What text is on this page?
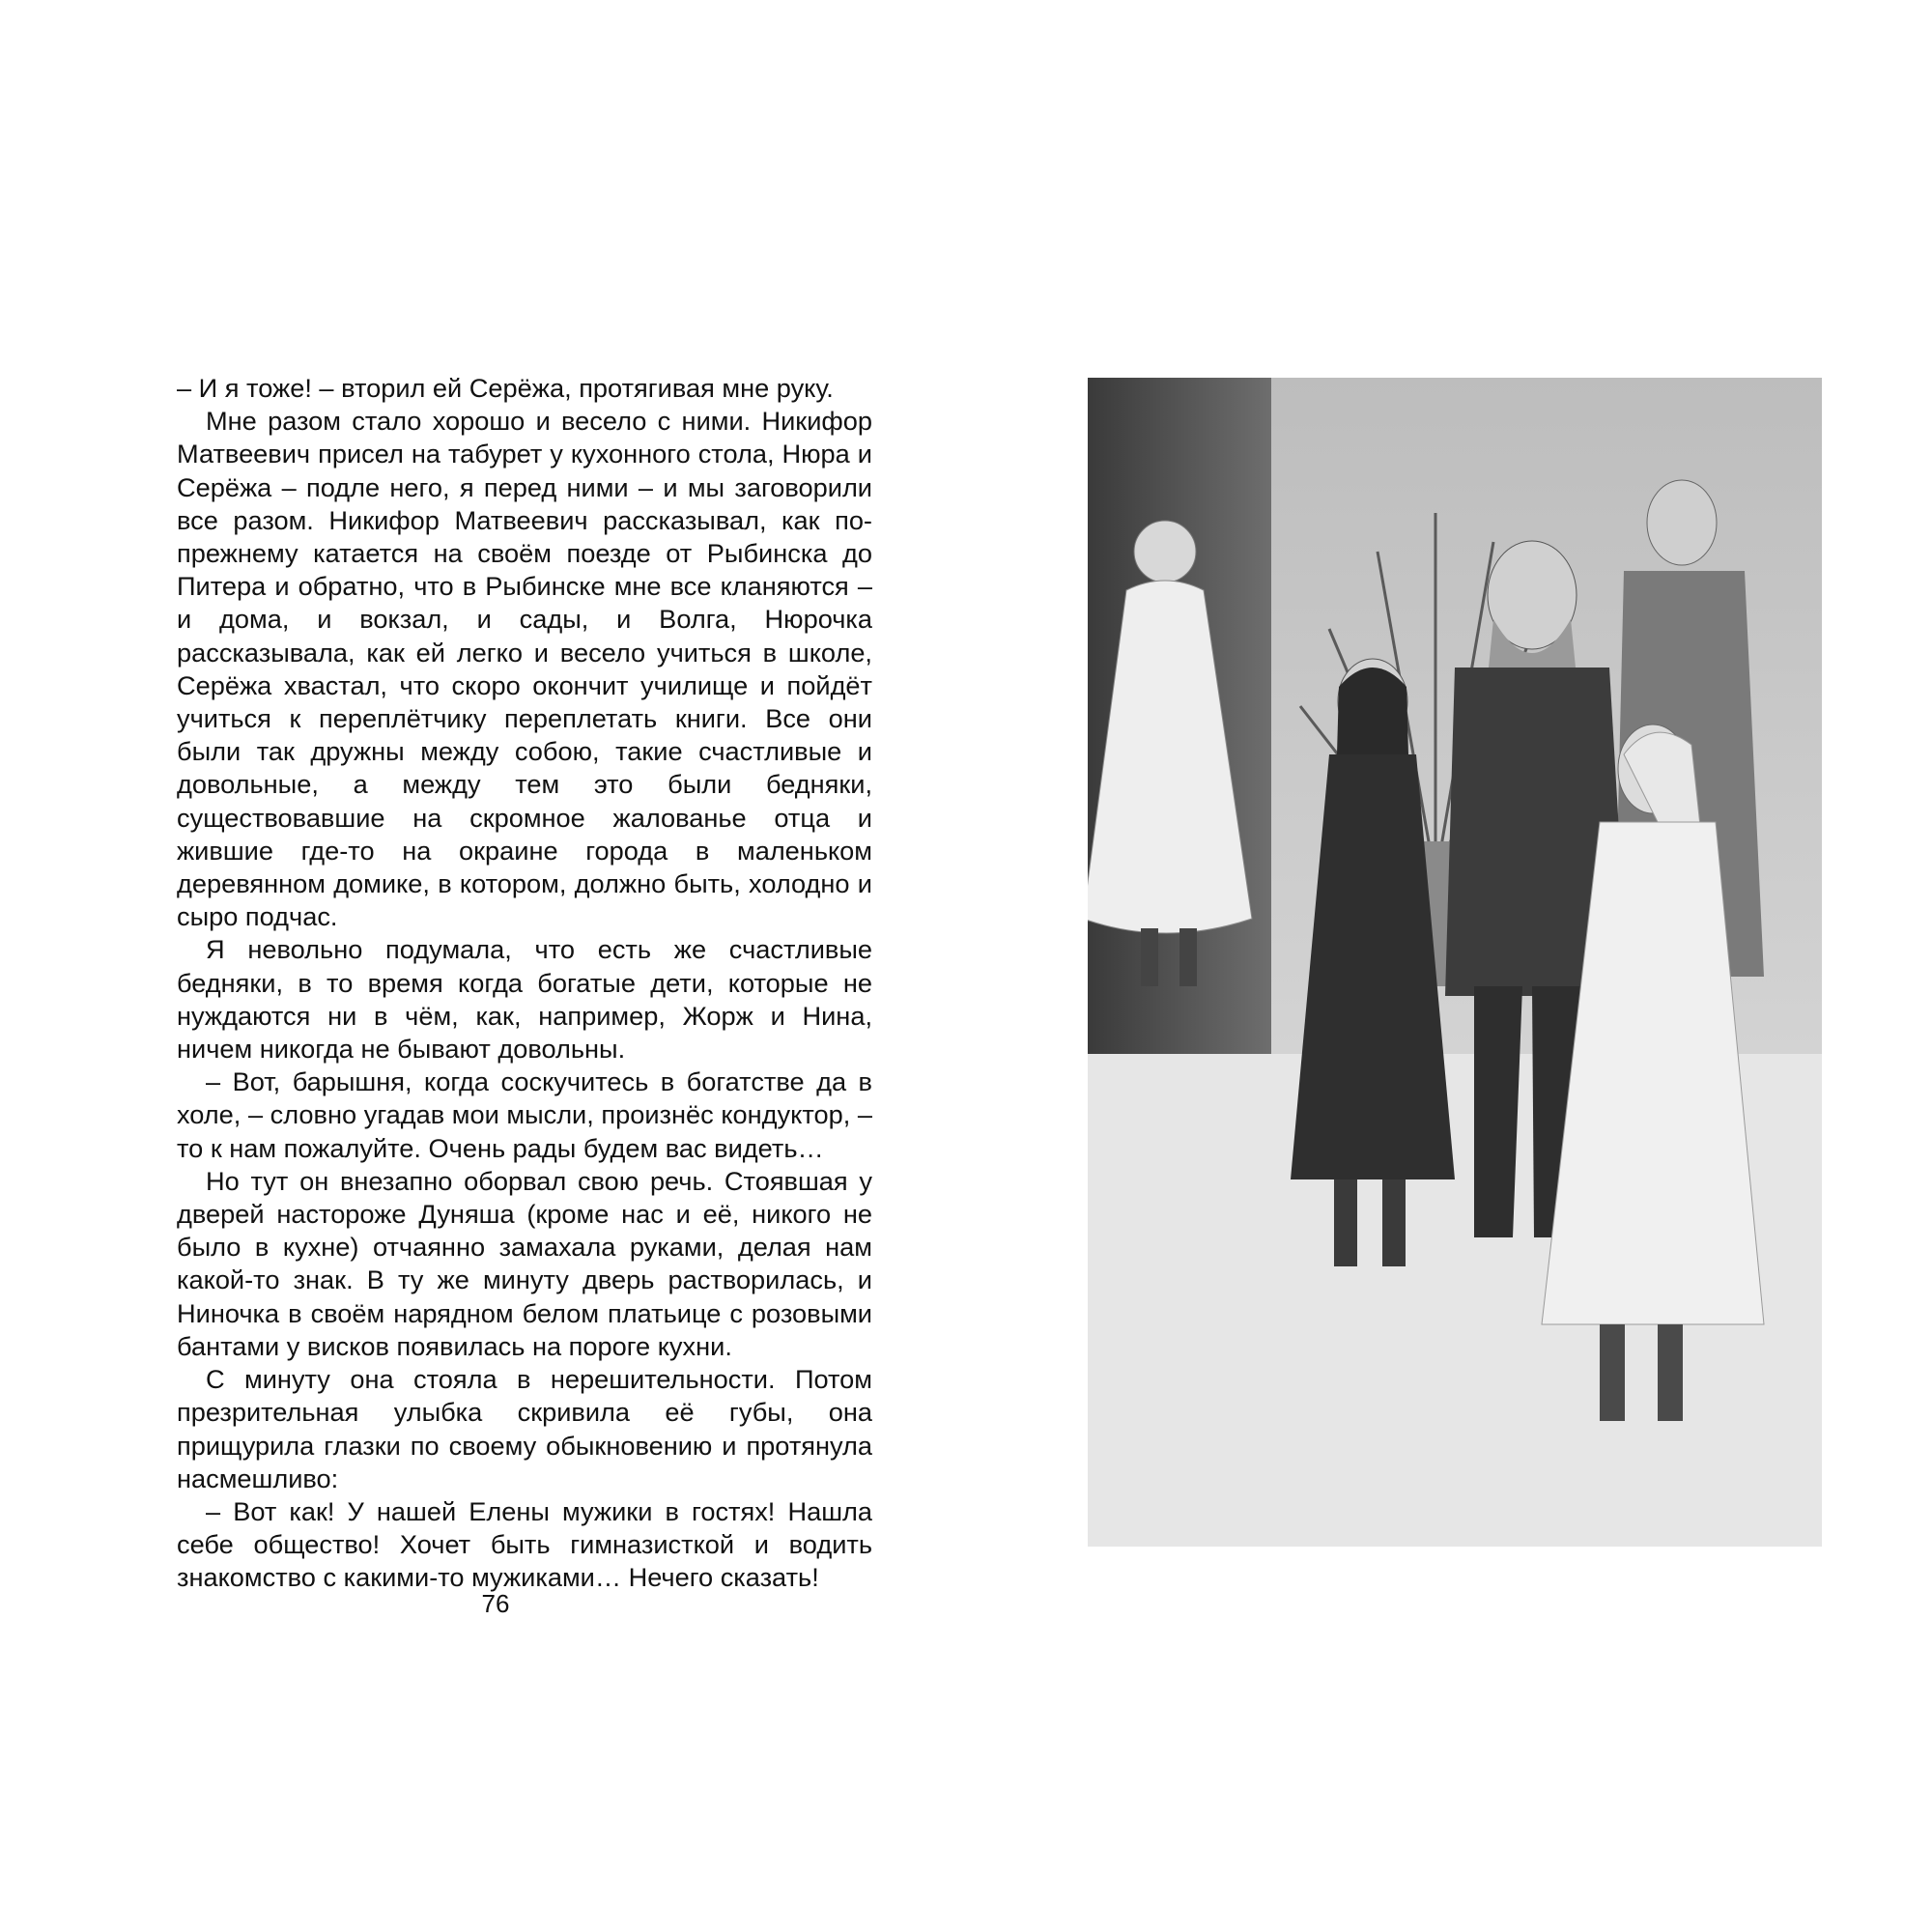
– И я тоже! – вторил ей Серёжа, протягивая мне руку.

Мне разом стало хорошо и весело с ними. Никифор Матвеевич присел на табурет у кухонного стола, Нюра и Серёжа – подле него, я перед ними – и мы заговорили все разом. Никифор Матвеевич рассказывал, как по-прежнему катается на своём поезде от Рыбинска до Питера и обратно, что в Рыбинске мне все кланяются – и дома, и вокзал, и сады, и Волга, Нюрочка рассказывала, как ей легко и весело учиться в школе, Серёжа хвастал, что скоро окончит училище и пойдёт учиться к переплётчику переплетать книги. Все они были так дружны между собою, такие счастливые и довольные, а между тем это были бедняки, существовавшие на скромное жалованье отца и жившие где-то на окраине города в маленьком деревянном домике, в котором, должно быть, холодно и сыро подчас.

Я невольно подумала, что есть же счастливые бедняки, в то время когда богатые дети, которые не нуждаются ни в чём, как, например, Жорж и Нина, ничем никогда не бывают довольны.

– Вот, барышня, когда соскучитесь в богатстве да в холе, – словно угадав мои мысли, произнёс кондуктор, – то к нам пожалуйте. Очень рады будем вас видеть…

Но тут он внезапно оборвал свою речь. Стоявшая у дверей настороже Дуняша (кроме нас и её, никого не было в кухне) отчаянно замахала руками, делая нам какой-то знак. В ту же минуту дверь растворилась, и Ниночка в своём нарядном белом платьице с розовыми бантами у висков появилась на пороге кухни.

С минуту она стояла в нерешительности. Потом презрительная улыбка скривила её губы, она прищурила глазки по своему обыкновению и протянула насмешливо:

– Вот как! У нашей Елены мужики в гостях! Нашла себе общество! Хочет быть гимназисткой и водить знакомство с какими-то мужиками… Нечего сказать!

76
